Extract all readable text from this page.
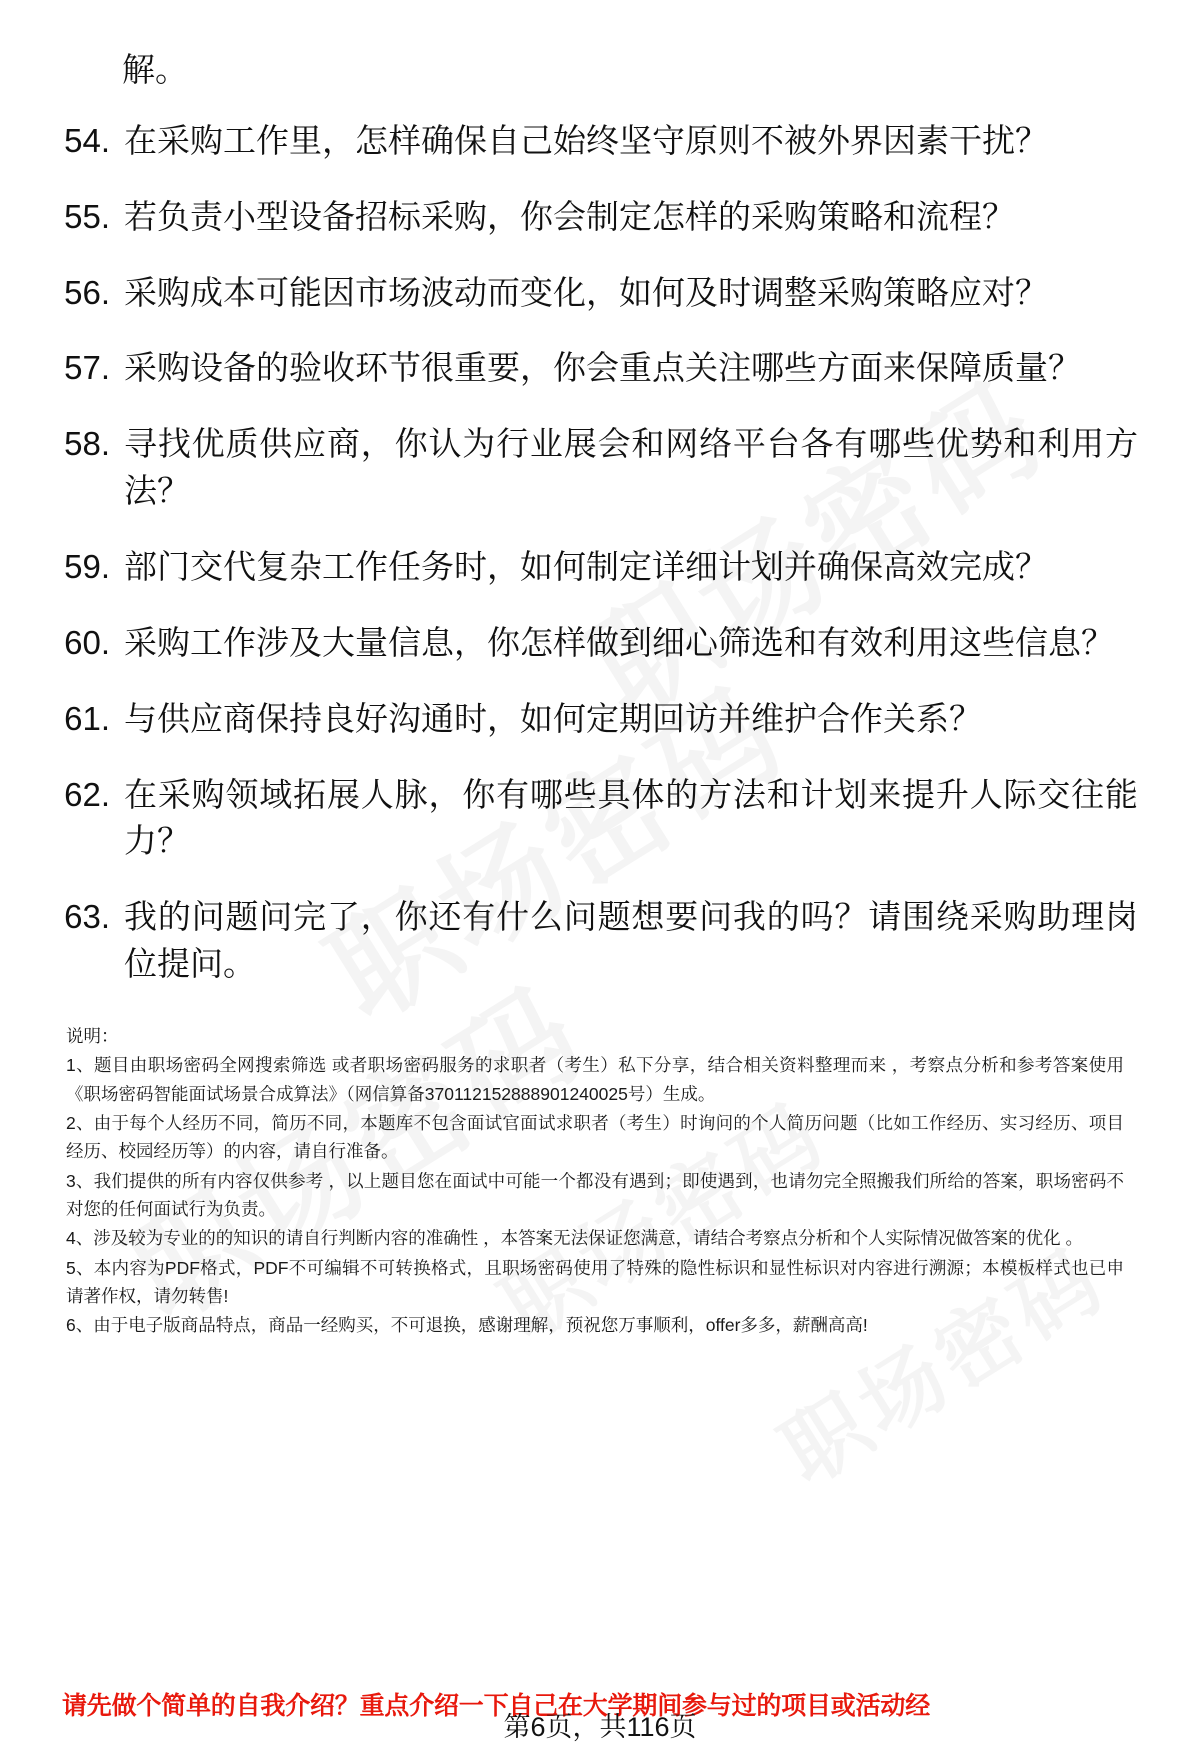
解。
54. 在采购工作里，怎样确保自己始终坚守原则不被外界因素干扰？
55. 若负责小型设备招标采购，你会制定怎样的采购策略和流程？
56. 采购成本可能因市场波动而变化，如何及时调整采购策略应对？
57. 采购设备的验收环节很重要，你会重点关注哪些方面来保障质量？
58. 寻找优质供应商，你认为行业展会和网络平台各有哪些优势和利用方法？
59. 部门交代复杂工作任务时，如何制定详细计划并确保高效完成？
60. 采购工作涉及大量信息，你怎样做到细心筛选和有效利用这些信息？
61. 与供应商保持良好沟通时，如何定期回访并维护合作关系？
62. 在采购领域拓展人脉，你有哪些具体的方法和计划来提升人际交往能力？
63. 我的问题问完了，你还有什么问题想要问我的吗？请围绕采购助理岗位提问。
说明：
1、题目由职场密码全网搜索筛选 或者职场密码服务的求职者（考生）私下分享，结合相关资料整理而来 ，考察点分析和参考答案使用《职场密码智能面试场景合成算法》（网信算备370112152888901240025号）生成。
2、由于每个人经历不同，简历不同，本题库不包含面试官面试求职者（考生）时询问的个人简历问题（比如工作经历、实习经历、项目经历、校园经历等）的内容，请自行准备。
3、我们提供的所有内容仅供参考 ，以上题目您在面试中可能一个都没有遇到；即使遇到，也请勿完全照搬我们所给的答案，职场密码不对您的任何面试行为负责。
4、涉及较为专业的的知识的请自行判断内容的准确性 ，本答案无法保证您满意，请结合考察点分析和个人实际情况做答案的优化 。
5、本内容为PDF格式，PDF不可编辑不可转换格式，且职场密码使用了特殊的隐性标识和显性标识对内容进行溯源；本模板样式也已申请著作权，请勿转售!
6、由于电子版商品特点，商品一经购买，不可退换，感谢理解，预祝您万事顺利，offer多多，薪酬高高!
请先做个简单的自我介绍？重点介绍一下自己在大学期间参与过的项目或活动经
第6页，共116页
